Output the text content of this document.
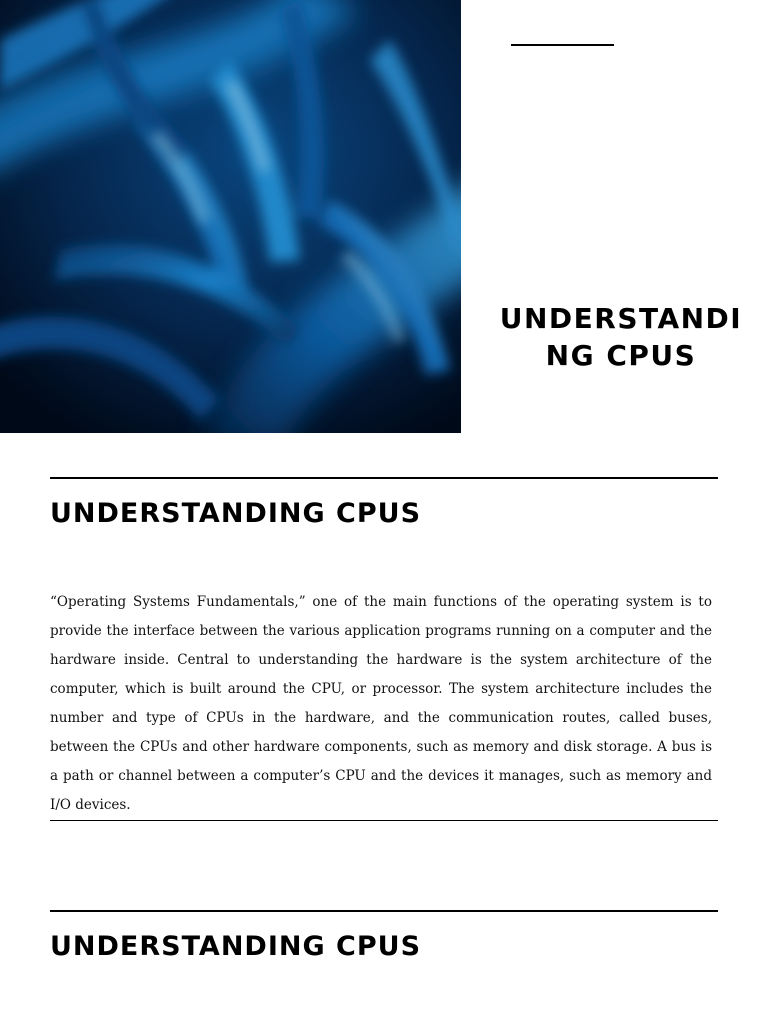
UNDERSTANDING CPUS
UNDERSTANDING CPUS
“Operating Systems Fundamentals,” one of the main functions of the operating system is to provide the interface between the various application programs running on a computer and the hardware inside. Central to understanding the hardware is the system architecture of the computer, which is built around the CPU, or processor. The system architecture includes the number and type of CPUs in the hardware, and the communication routes, called buses, between the CPUs and other hardware components, such as memory and disk storage. A bus is a path or channel between a computer’s CPU and the devices it manages, such as memory and I/O devices.
UNDERSTANDING CPUS
